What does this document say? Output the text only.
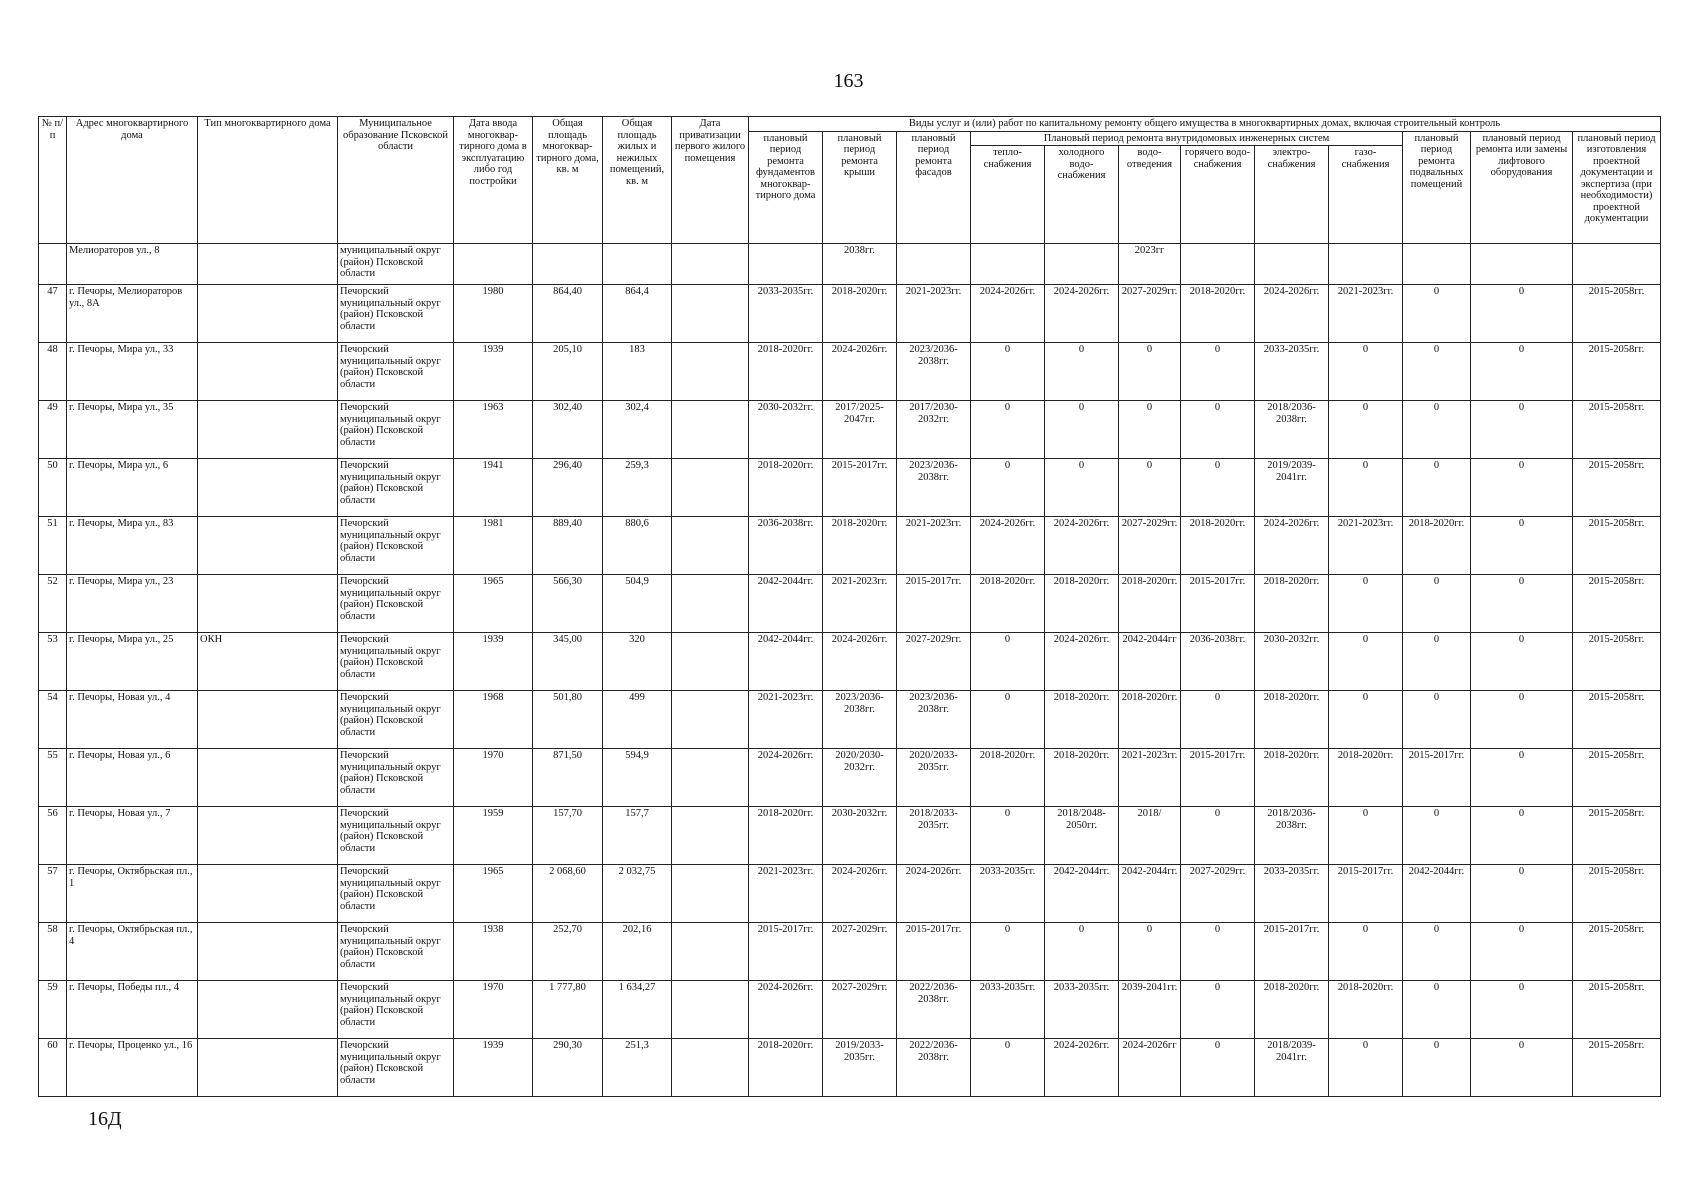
163
№ п/п	Адрес многоквартирного дома	Тип многоквартирного дома	Муниципальное образование Псковской области	Дата ввода многоквар- тирного дома в эксплуатацию либо год постройки	Общая площадь многоквар- тирного дома, кв. м	Общая площадь жилых и нежилых помещений, кв. м	Дата приватизации первого жилого помещения	Виды услуг и (или) работ по капитальному ремонту общего имущества в многоквартирных домах, включая строительный контроль											
								плановый период ремонта фундаментов многоквар- тирного дома	плановый период ремонта крыши	плановый период ремонта фасадов	Плановый период ремонта внутридомовых инженерных систем						плановый период ремонта подвальных помещений	плановый период ремонта или замены лифтового оборудования	плановый период изготовления проектной документации и экспертиза (при необходимости) проектной документации
											тепло- снабжения	холодного водо- снабжения	водо- отведения	горячего водо- снабжения	электро- снабжения	газо- снабжения			
	Мелиораторов ул., 8		муниципальный округ (район) Псковской области						2038гг.				2023гг						
47	г. Печоры, Мелиораторов ул., 8А		Печорский муниципальный округ (район) Псковской области	1980	864,40	864,4		2033-2035гг.	2018-2020гг.	2021-2023гг.	2024-2026гг.	2024-2026гг.	2027-2029гг.	2018-2020гг.	2024-2026гг.	2021-2023гг.	0	0	2015-2058гг.
48	г. Печоры, Мира ул., 33		Печорский муниципальный округ (район) Псковской области	1939	205,10	183		2018-2020гг.	2024-2026гг.	2023/2036-2038гг.	0	0	0	0	2033-2035гг.	0	0	0	2015-2058гг.
49	г. Печоры, Мира ул., 35		Печорский муниципальный округ (район) Псковской области	1963	302,40	302,4		2030-2032гг.	2017/2025-2047гг.	2017/2030-2032гг.	0	0	0	0	2018/2036-2038гг.	0	0	0	2015-2058гг.
50	г. Печоры, Мира ул., 6		Печорский муниципальный округ (район) Псковской области	1941	296,40	259,3		2018-2020гг.	2015-2017гг.	2023/2036-2038гг.	0	0	0	0	2019/2039-2041гг.	0	0	0	2015-2058гг.
51	г. Печоры, Мира ул., 83		Печорский муниципальный округ (район) Псковской области	1981	889,40	880,6		2036-2038гг.	2018-2020гг.	2021-2023гг.	2024-2026гг.	2024-2026гг.	2027-2029гг.	2018-2020гг.	2024-2026гг.	2021-2023гг.	2018-2020гг.	0	2015-2058гг.
52	г. Печоры, Мира ул., 23		Печорский муниципальный округ (район) Псковской области	1965	566,30	504,9		2042-2044гг.	2021-2023гг.	2015-2017гг.	2018-2020гг.	2018-2020гг.	2018-2020гг.	2015-2017гг.	2018-2020гг.	0	0	0	2015-2058гг.
53	г. Печоры, Мира ул., 25	ОКН	Печорский муниципальный округ (район) Псковской области	1939	345,00	320		2042-2044гг.	2024-2026гг.	2027-2029гг.	0	2024-2026гг.	2042-2044гг	2036-2038гг.	2030-2032гг.	0	0	0	2015-2058гг.
54	г. Печоры, Новая ул., 4		Печорский муниципальный округ (район) Псковской области	1968	501,80	499		2021-2023гг.	2023/2036-2038гг.	2023/2036-2038гг.	0	2018-2020гг.	2018-2020гг.	0	2018-2020гг.	0	0	0	2015-2058гг.
55	г. Печоры, Новая ул., 6		Печорский муниципальный округ (район) Псковской области	1970	871,50	594,9		2024-2026гг.	2020/2030-2032гг.	2020/2033-2035гг.	2018-2020гг.	2018-2020гг.	2021-2023гг.	2015-2017гг.	2018-2020гг.	2018-2020гг.	2015-2017гг.	0	2015-2058гг.
56	г. Печоры, Новая ул., 7		Печорский муниципальный округ (район) Псковской области	1959	157,70	157,7		2018-2020гг.	2030-2032гг.	2018/2033-2035гг.	0	2018/2048-2050гг.	2018/	0	2018/2036-2038гг.	0	0	0	2015-2058гг.
57	г. Печоры, Октябрьская пл., 1		Печорский муниципальный округ (район) Псковской области	1965	2 068,60	2 032,75		2021-2023гг.	2024-2026гг.	2024-2026гг.	2033-2035гг.	2042-2044гг.	2042-2044гг.	2027-2029гг.	2033-2035гг.	2015-2017гг.	2042-2044гг.	0	2015-2058гг.
58	г. Печоры, Октябрьская пл., 4		Печорский муниципальный округ (район) Псковской области	1938	252,70	202,16		2015-2017гг.	2027-2029гг.	2015-2017гг.	0	0	0	0	2015-2017гг.	0	0	0	2015-2058гг.
59	г. Печоры, Победы пл., 4		Печорский муниципальный округ (район) Псковской области	1970	1 777,80	1 634,27		2024-2026гг.	2027-2029гг.	2022/2036-2038гг.	2033-2035гг.	2033-2035гг.	2039-2041гг.	0	2018-2020гг.	2018-2020гг.	0	0	2015-2058гг.
60	г. Печоры, Проценко ул., 16		Печорский муниципальный округ (район) Псковской области	1939	290,30	251,3		2018-2020гг.	2019/2033-2035гг.	2022/2036-2038гг.	0	2024-2026гг.	2024-2026гг	0	2018/2039-2041гг.	0	0	0	2015-2058гг.
16Д
